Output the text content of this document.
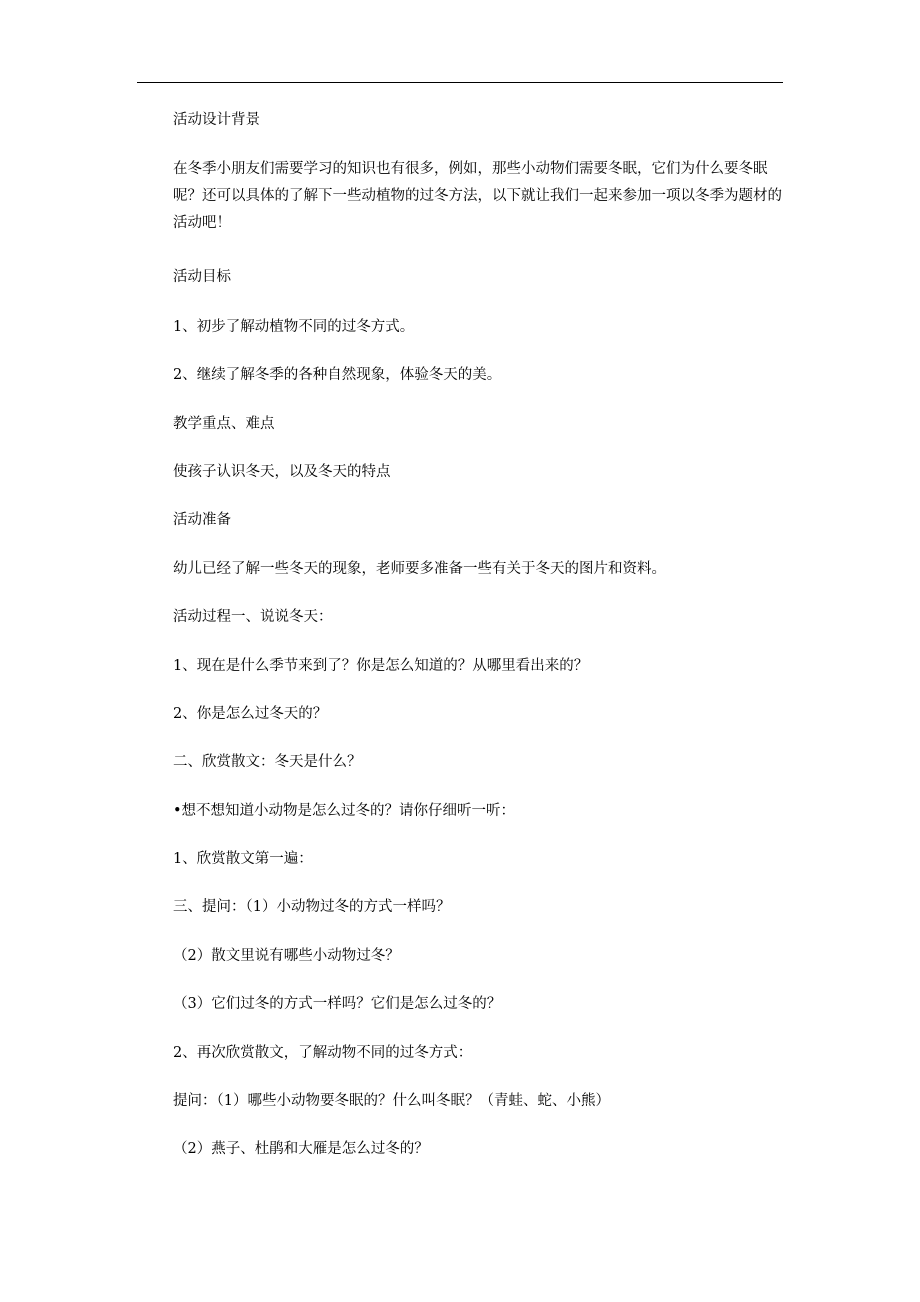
活动设计背景

在冬季小朋友们需要学习的知识也有很多，例如，那些小动物们需要冬眠，它们为什么要冬眠呢？还可以具体的了解下一些动植物的过冬方法，以下就让我们一起来参加一项以冬季为题材的活动吧！

活动目标

1、初步了解动植物不同的过冬方式。

2、继续了解冬季的各种自然现象，体验冬天的美。

教学重点、难点

使孩子认识冬天，以及冬天的特点

活动准备

幼儿已经了解一些冬天的现象，老师要多准备一些有关于冬天的图片和资料。

活动过程一、说说冬天：

1、现在是什么季节来到了？你是怎么知道的？从哪里看出来的？

2、你是怎么过冬天的？

二、欣赏散文：冬天是什么？

•想不想知道小动物是怎么过冬的？请你仔细听一听：

1、欣赏散文第一遍：

三、提问：（1）小动物过冬的方式一样吗？

（2）散文里说有哪些小动物过冬？

（3）它们过冬的方式一样吗？它们是怎么过冬的？

2、再次欣赏散文，了解动物不同的过冬方式：

提问：（1）哪些小动物要冬眠的？什么叫冬眠？（青蛙、蛇、小熊）

（2）燕子、杜鹃和大雁是怎么过冬的？
